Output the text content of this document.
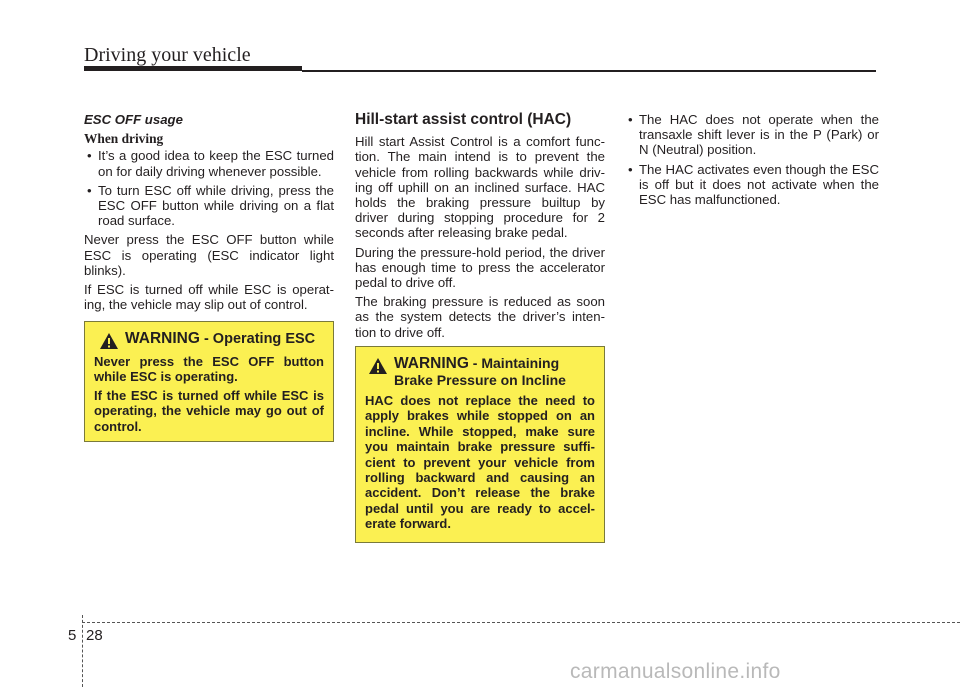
Driving your vehicle

ESC OFF usage

When driving

• It’s a good idea to keep the ESC turned on for daily driving whenever possible.
• To turn ESC off while driving, press the ESC OFF button while driving on a flat road surface.

Never press the ESC OFF button while ESC is operating (ESC indicator light blinks).

If ESC is turned off while ESC is operat- ing, the vehicle may slip out of control.

WARNING - Operating ESC

Never press the ESC OFF button while ESC is operating.

If the ESC is turned off while ESC is operating, the vehicle may go out of control.

Hill-start assist control (HAC)

Hill start Assist Control is a comfort func- tion. The main intend is to prevent the vehicle from rolling backwards while driv- ing off uphill on an inclined surface. HAC holds the braking pressure builtup by driver during stopping procedure for 2 seconds after releasing brake pedal.

During the pressure-hold period, the driver has enough time to press the accelerator pedal to drive off.

The braking pressure is reduced as soon as the system detects the driver’s inten- tion to drive off.

WARNING - Maintaining Brake Pressure on Incline

HAC does not replace the need to apply brakes while stopped on an incline. While stopped, make sure you maintain brake pressure suffi- cient to prevent your vehicle from rolling backward and causing an accident. Don’t release the brake pedal until you are ready to accel- erate forward.

• The HAC does not operate when the transaxle shift lever is in the P (Park) or N (Neutral) position.
• The HAC activates even though the ESC is off but it does not activate when the ESC has malfunctioned.
5 28
carmanualsonline.info
